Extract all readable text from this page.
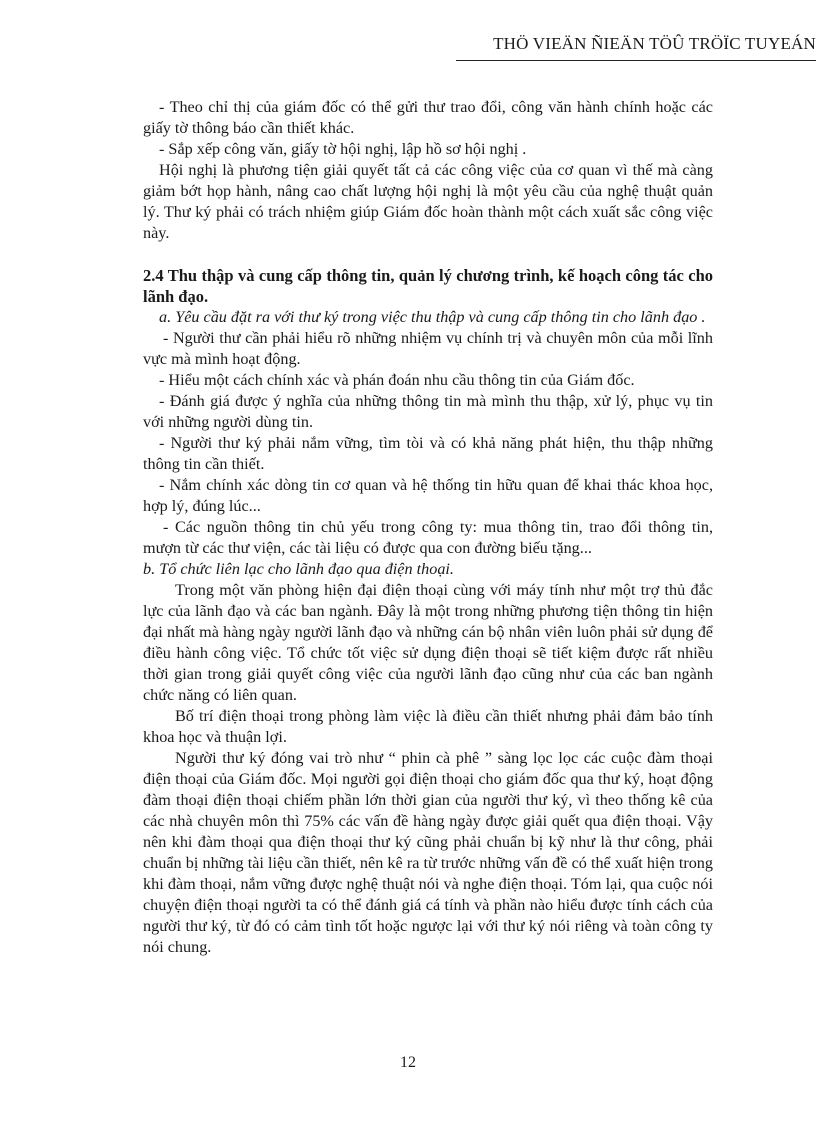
THÖ VIEÄN ÑIEÄN TÖÛ TRÖÏC TUYEÁN

- Theo chỉ thị của giám đốc có thể gửi thư trao đổi, công văn hành chính hoặc các giấy tờ thông báo cần thiết khác.

- Sắp xếp công văn, giấy tờ hội nghị, lập hồ sơ hội nghị .

Hội nghị là phương tiện giải quyết tất cả các công việc của cơ quan vì thế mà càng giảm bớt họp hành, nâng cao chất lượng hội nghị là một yêu cầu của nghệ thuật quản lý. Thư ký phải có trách nhiệm giúp Giám đốc hoàn thành một cách xuất sắc công việc này.

2.4 Thu thập và cung cấp thông tin, quản lý chương trình, kế hoạch công tác cho lãnh đạo.

a. Yêu cầu đặt ra với thư ký trong việc thu thập và cung cấp thông tin cho lãnh đạo .

- Người thư cần phải hiểu rõ những nhiệm vụ chính trị và chuyên môn của mỗi lĩnh vực mà mình hoạt động.

- Hiểu một cách chính xác và phán đoán nhu cầu thông tin của Giám đốc.

- Đánh giá được ý nghĩa của những thông tin mà mình thu thập, xử lý, phục vụ tin với những người dùng tin.

- Người thư ký phải nắm vững, tìm tòi và có khả năng phát hiện, thu thập những thông tin cần thiết.

- Nắm chính xác dòng tin cơ quan và hệ thống tin hữu quan để khai thác khoa học, hợp lý, đúng lúc...

- Các nguồn thông tin chủ yếu trong công ty: mua thông tin, trao đổi thông tin, mượn từ các thư viện, các tài liệu có được qua con đường biếu tặng...

b. Tổ chức liên lạc cho lãnh đạo qua điện thoại.

Trong một văn phòng hiện đại điện thoại cùng với máy tính như một trợ thủ đắc lực của lãnh đạo và các ban ngành. Đây là một trong những phương tiện thông tin hiện đại nhất mà hàng ngày người lãnh đạo và những cán bộ nhân viên luôn phải sử dụng để điều hành công việc. Tổ chức tốt việc sử dụng điện thoại sẽ tiết kiệm được rất nhiều thời gian trong giải quyết công việc của người lãnh đạo cũng như của các ban ngành chức năng có liên quan.

Bố trí điện thoại trong phòng làm việc là điều cần thiết nhưng phải đảm bảo tính khoa học và thuận lợi.

Người thư ký đóng vai trò như “ phin cà phê ” sàng lọc lọc các cuộc đàm thoại điện thoại của Giám đốc. Mọi người gọi điện thoại cho giám đốc qua thư ký, hoạt động đàm thoại điện thoại chiếm phần lớn thời gian của người thư ký, vì theo thống kê của các nhà chuyên môn thì 75% các vấn đề hàng ngày được giải quết qua điện thoại. Vậy nên khi đàm thoại qua điện thoại thư ký cũng phải chuẩn bị kỹ như là thư công, phải chuẩn bị những tài liệu cần thiết, nên kê ra từ trước những vấn đề có thể xuất hiện trong khi đàm thoại, nắm vững được nghệ thuật nói và nghe điện thoại. Tóm lại, qua cuộc nói chuyện điện thoại người ta có thể đánh giá cá tính và phần nào hiểu được tính cách của người thư ký, từ đó có cảm tình tốt hoặc ngược lại với thư ký nói riêng và toàn công ty nói chung.

12
